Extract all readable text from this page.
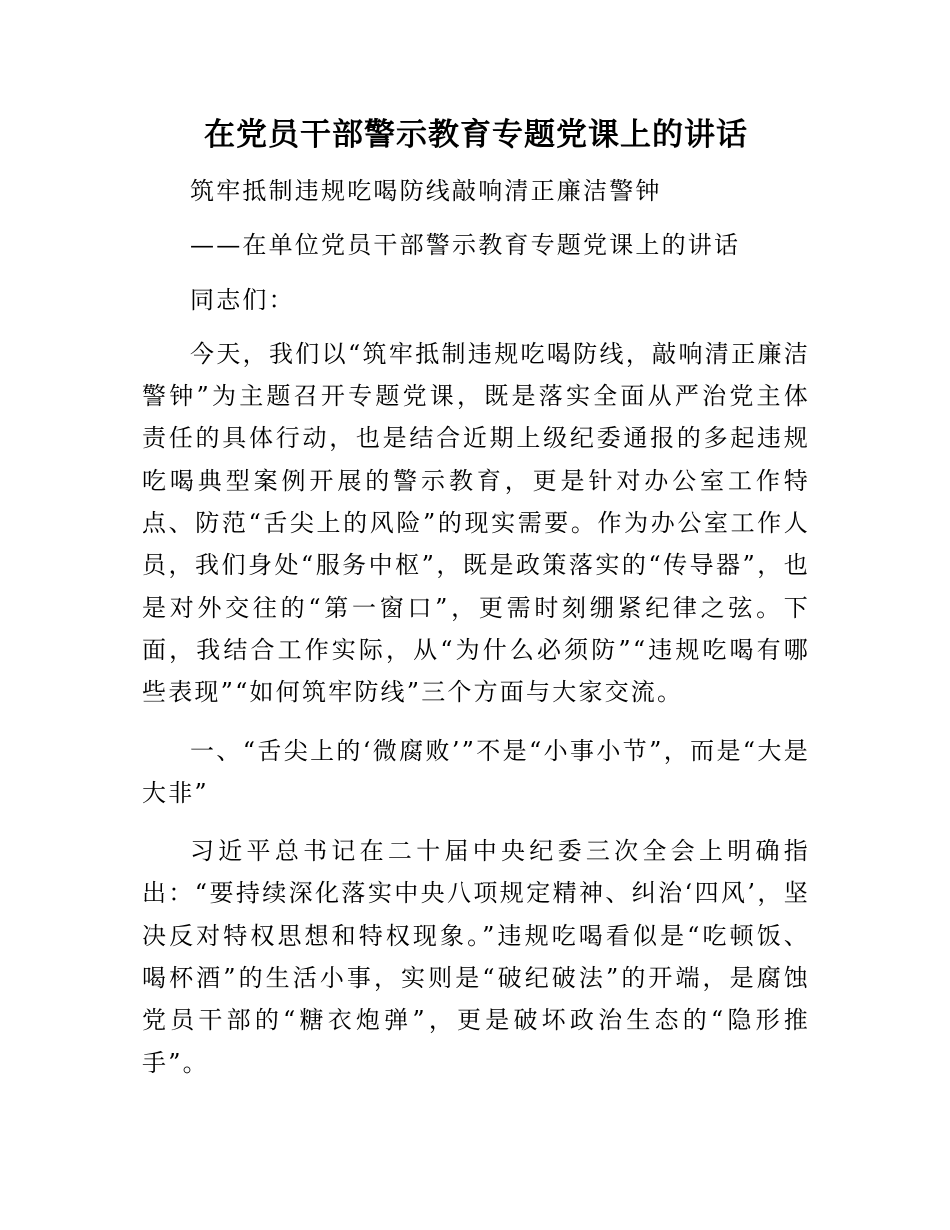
在党员干部警示教育专题党课上的讲话

筑牢抵制违规吃喝防线敲响清正廉洁警钟

——在单位党员干部警示教育专题党课上的讲话

同志们：

今天，我们以“筑牢抵制违规吃喝防线，敲响清正廉洁警钟”为主题召开专题党课，既是落实全面从严治党主体责任的具体行动，也是结合近期上级纪委通报的多起违规吃喝典型案例开展的警示教育，更是针对办公室工作特点、防范“舌尖上的风险”的现实需要。作为办公室工作人员，我们身处“服务中枢”，既是政策落实的“传导器”，也是对外交往的“第一窗口”，更需时刻绷紧纪律之弦。下面，我结合工作实际，从“为什么必须防”“违规吃喝有哪些表现”“如何筑牢防线”三个方面与大家交流。

一、“舌尖上的‘微腐败’”不是“小事小节”，而是“大是大非”

习近平总书记在二十届中央纪委三次全会上明确指出：“要持续深化落实中央八项规定精神、纠治‘四风’，坚决反对特权思想和特权现象。”违规吃喝看似是“吃顿饭、喝杯酒”的生活小事，实则是“破纪破法”的开端，是腐蚀党员干部的“糖衣炮弹”，更是破坏政治生态的“隐形推手”。
